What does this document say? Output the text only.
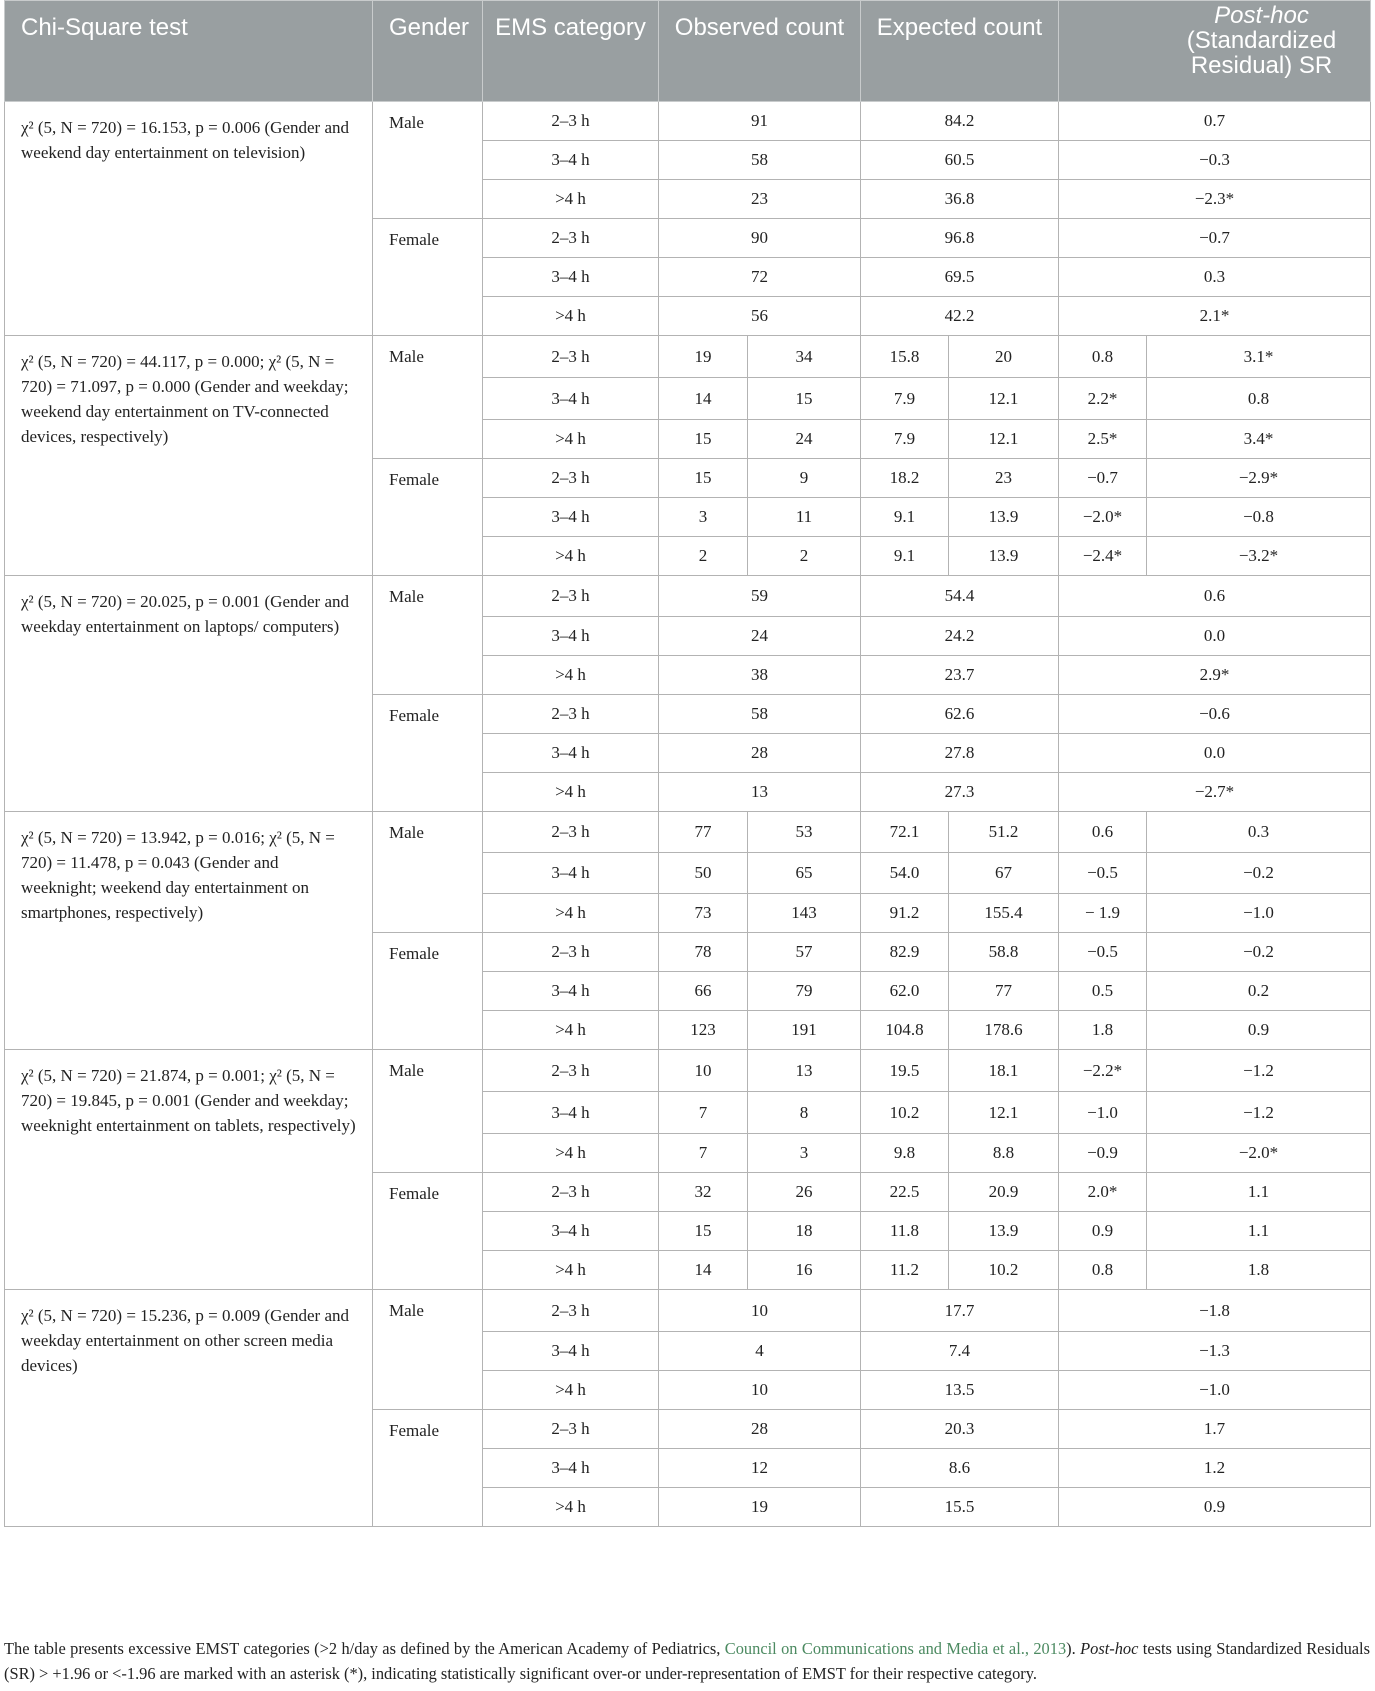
Chi-Square test	Gender	EMS category	Observed count		Expected count		Post-hoc
(Standardized Residual) SR	
χ² (5, N = 720) = 16.153, p = 0.006 (Gender and weekend day entertainment on television)	Male	2–3 h	91		84.2		0.7	
		3–4 h	58		60.5		−0.3	
		>4 h	23		36.8		−2.3*	
	Female	2–3 h	90		96.8		−0.7	
		3–4 h	72		69.5		0.3	
		>4 h	56		42.2		2.1*	
χ² (5, N = 720) = 44.117, p = 0.000; χ² (5, N = 720) = 71.097, p = 0.000 (Gender and weekday; weekend day entertainment on TV-connected devices, respectively)	Male	2–3 h	19	34	15.8	20	0.8	3.1*
		3–4 h	14	15	7.9	12.1	2.2*	0.8
		>4 h	15	24	7.9	12.1	2.5*	3.4*
	Female	2–3 h	15	9	18.2	23	−0.7	−2.9*
		3–4 h	3	11	9.1	13.9	−2.0*	−0.8
		>4 h	2	2	9.1	13.9	−2.4*	−3.2*
χ² (5, N = 720) = 20.025, p = 0.001 (Gender and weekday entertainment on laptops/ computers)	Male	2–3 h	59		54.4		0.6	
		3–4 h	24		24.2		0.0	
		>4 h	38		23.7		2.9*	
	Female	2–3 h	58		62.6		−0.6	
		3–4 h	28		27.8		0.0	
		>4 h	13		27.3		−2.7*	
χ² (5, N = 720) = 13.942, p = 0.016; χ² (5, N = 720) = 11.478, p = 0.043 (Gender and weeknight; weekend day entertainment on smartphones, respectively)	Male	2–3 h	77	53	72.1	51.2	0.6	0.3
		3–4 h	50	65	54.0	67	−0.5	−0.2
		>4 h	73	143	91.2	155.4	− 1.9	−1.0
	Female	2–3 h	78	57	82.9	58.8	−0.5	−0.2
		3–4 h	66	79	62.0	77	0.5	0.2
		>4 h	123	191	104.8	178.6	1.8	0.9
χ² (5, N = 720) = 21.874, p = 0.001; χ² (5, N = 720) = 19.845, p = 0.001 (Gender and weekday; weeknight entertainment on tablets, respectively)	Male	2–3 h	10	13	19.5	18.1	−2.2*	−1.2
		3–4 h	7	8	10.2	12.1	−1.0	−1.2
		>4 h	7	3	9.8	8.8	−0.9	−2.0*
	Female	2–3 h	32	26	22.5	20.9	2.0*	1.1
		3–4 h	15	18	11.8	13.9	0.9	1.1
		>4 h	14	16	11.2	10.2	0.8	1.8
χ² (5, N = 720) = 15.236, p = 0.009 (Gender and weekday entertainment on other screen media devices)	Male	2–3 h	10		17.7		−1.8	
		3–4 h	4		7.4		−1.3	
		>4 h	10		13.5		−1.0	
	Female	2–3 h	28		20.3		1.7	
		3–4 h	12		8.6		1.2	
		>4 h	19		15.5		0.9	
The table presents excessive EMST categories (>2 h/day as defined by the American Academy of Pediatrics, Council on Communications and Media et al., 2013). Post-hoc tests using Standardized Residuals (SR) > +1.96 or <-1.96 are marked with an asterisk (*), indicating statistically significant over-or under-representation of EMST for their respective category.
